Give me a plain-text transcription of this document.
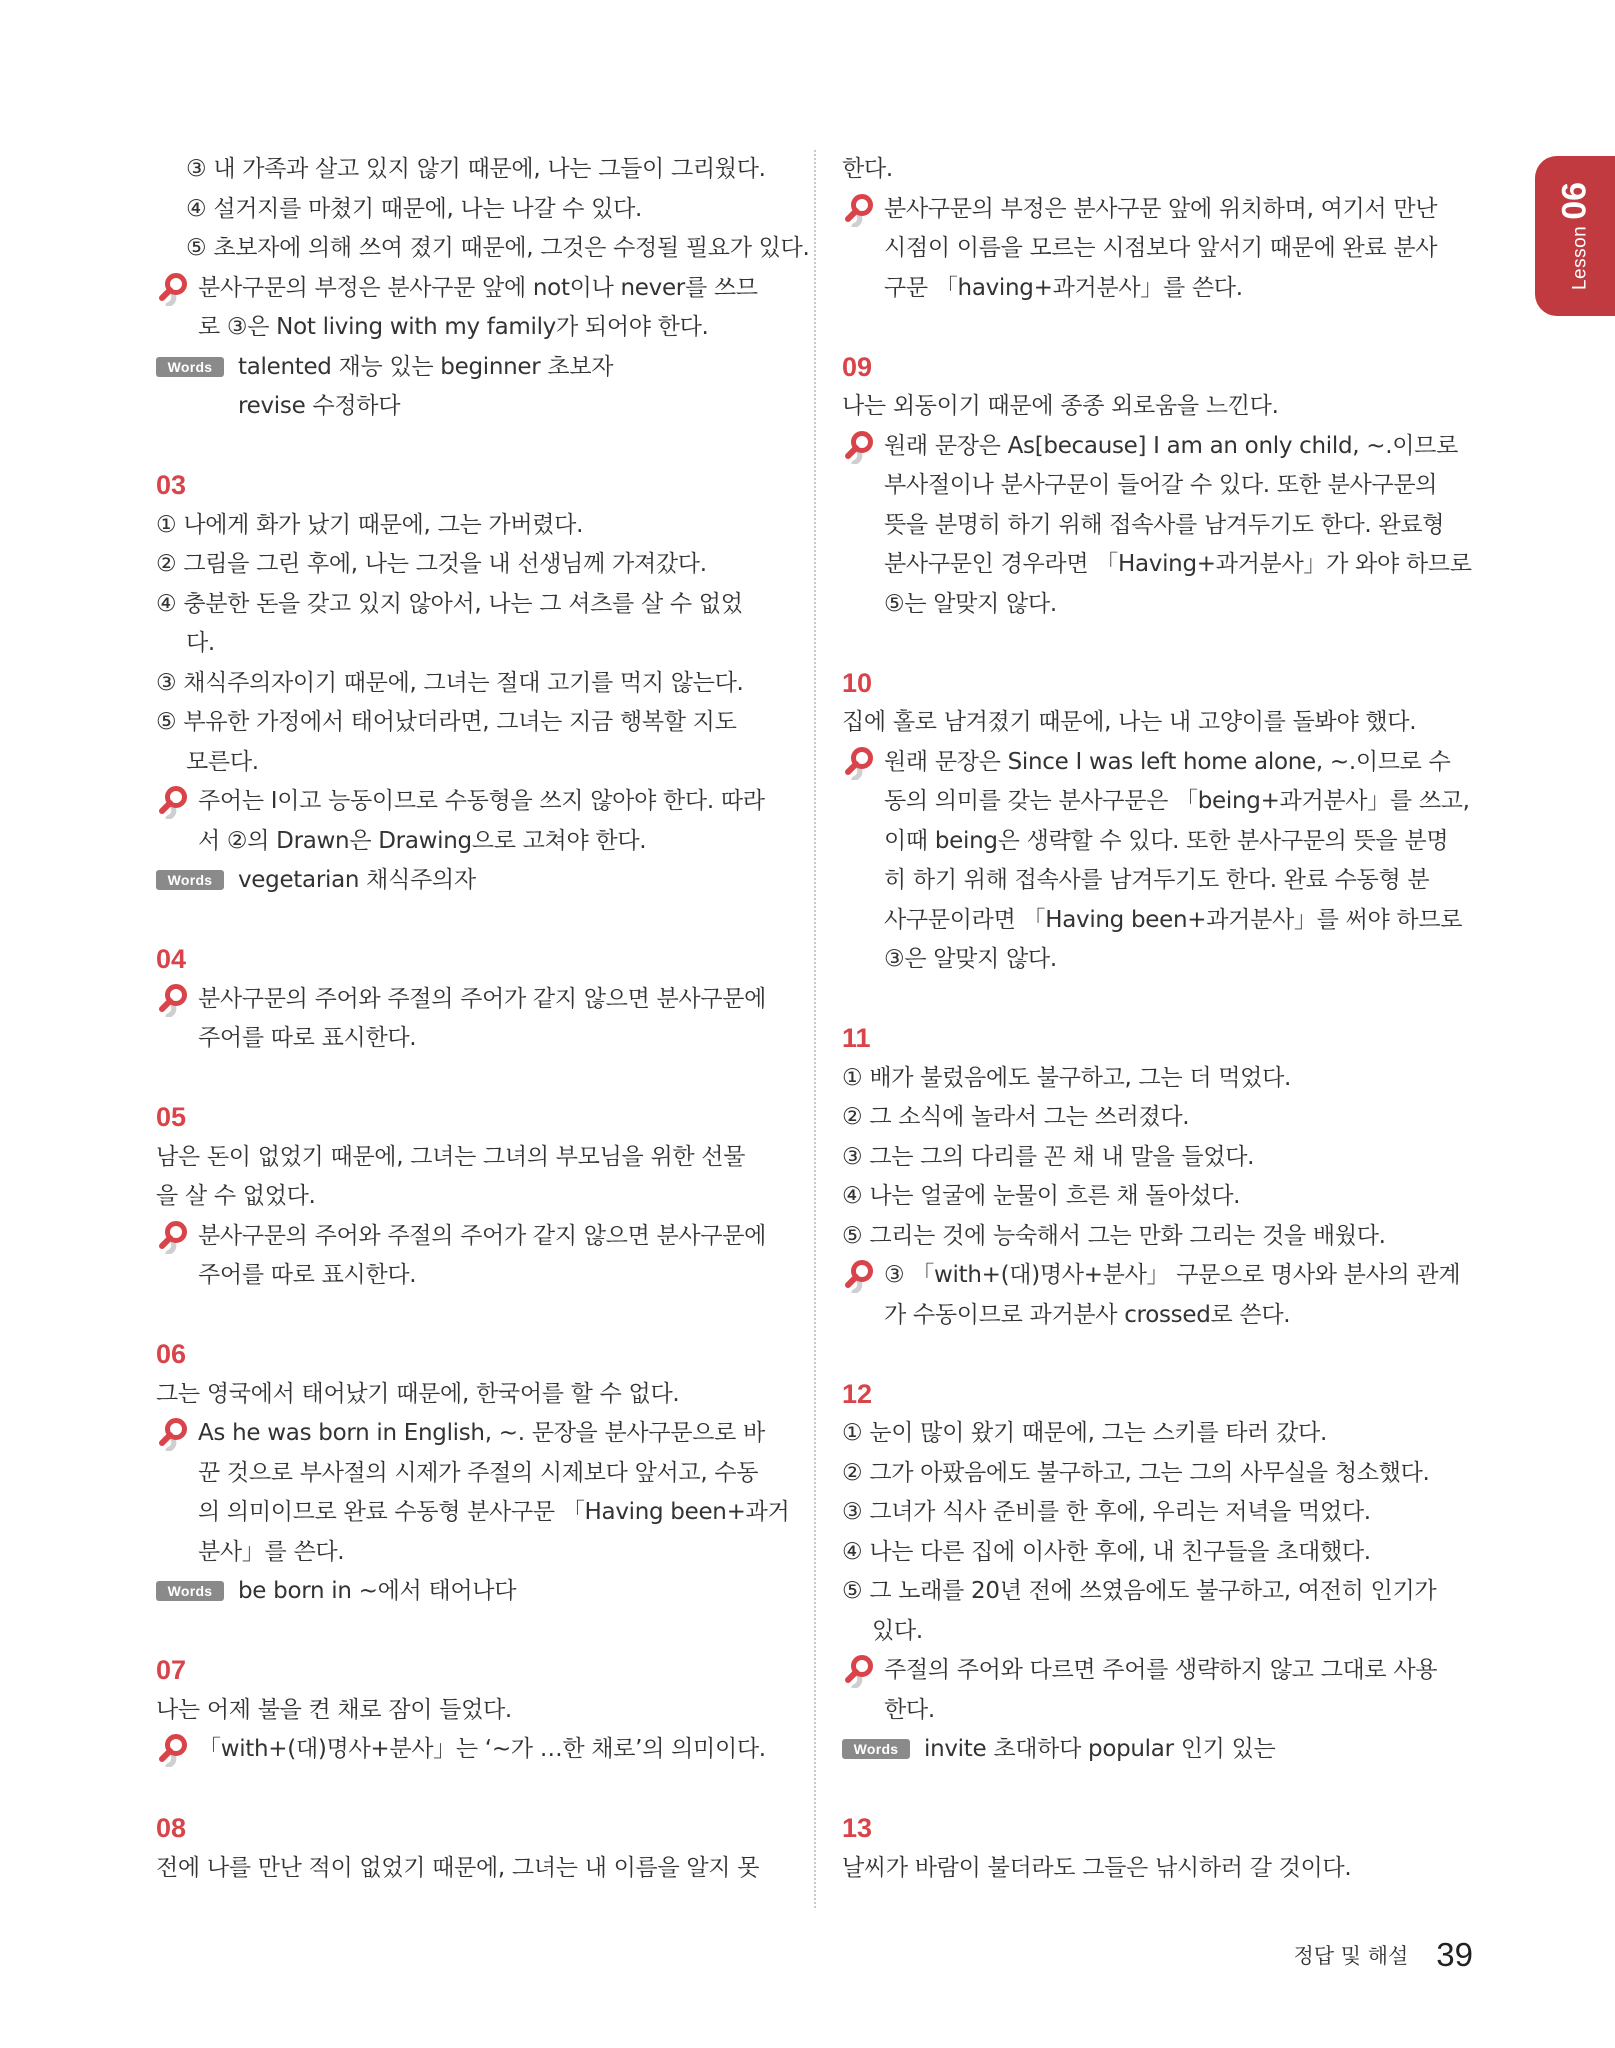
Lesson06
③ 내 가족과 살고 있지 않기 때문에, 나는 그들이 그리웠다.
④ 설거지를 마쳤기 때문에, 나는 나갈 수 있다.
⑤ 초보자에 의해 쓰여 졌기 때문에, 그것은 수정될 필요가 있다.
분사구문의 부정은 분사구문 앞에 not이나 never를 쓰므
로 ③은 Not living with my family가 되어야 한다.
Words	talented 재능 있는 beginner 초보자
revise 수정하다
03
① 나에게 화가 났기 때문에, 그는 가버렸다.
② 그림을 그린 후에, 나는 그것을 내 선생님께 가져갔다.
④ 충분한 돈을 갖고 있지 않아서, 나는 그 셔츠를 살 수 없었
다.
③ 채식주의자이기 때문에, 그녀는 절대 고기를 먹지 않는다.
⑤ 부유한 가정에서 태어났더라면, 그녀는 지금 행복할 지도
모른다.
주어는 I이고 능동이므로 수동형을 쓰지 않아야 한다. 따라
서 ②의 Drawn은 Drawing으로 고쳐야 한다.
Words	vegetarian 채식주의자
04
분사구문의 주어와 주절의 주어가 같지 않으면 분사구문에
주어를 따로 표시한다.
05
남은 돈이 없었기 때문에, 그녀는 그녀의 부모님을 위한 선물
을 살 수 없었다.
분사구문의 주어와 주절의 주어가 같지 않으면 분사구문에
주어를 따로 표시한다.
06
그는 영국에서 태어났기 때문에, 한국어를 할 수 없다.
As he was born in English, ~. 문장을 분사구문으로 바
꾼 것으로 부사절의 시제가 주절의 시제보다 앞서고, 수동
의 의미이므로 완료 수동형 분사구문 「Having been+과거
분사」를 쓴다.
Words	be born in ~에서 태어나다
07
나는 어제 불을 켠 채로 잠이 들었다.
「with+(대)명사+분사」는 ‘~가 …한 채로’의 의미이다.
08
전에 나를 만난 적이 없었기 때문에, 그녀는 내 이름을 알지 못
한다.
분사구문의 부정은 분사구문 앞에 위치하며, 여기서 만난
시점이 이름을 모르는 시점보다 앞서기 때문에 완료 분사
구문 「having+과거분사」를 쓴다.
09
나는 외동이기 때문에 종종 외로움을 느낀다.
원래 문장은 As[because] I am an only child, ~.이므로
부사절이나 분사구문이 들어갈 수 있다. 또한 분사구문의
뜻을 분명히 하기 위해 접속사를 남겨두기도 한다. 완료형
분사구문인 경우라면 「Having+과거분사」가 와야 하므로
⑤는 알맞지 않다.
10
집에 홀로 남겨졌기 때문에, 나는 내 고양이를 돌봐야 했다.
원래 문장은 Since I was left home alone, ~.이므로 수
동의 의미를 갖는 분사구문은 「being+과거분사」를 쓰고,
이때 being은 생략할 수 있다. 또한 분사구문의 뜻을 분명
히 하기 위해 접속사를 남겨두기도 한다. 완료 수동형 분
사구문이라면 「Having been+과거분사」를 써야 하므로
③은 알맞지 않다.
11
① 배가 불렀음에도 불구하고, 그는 더 먹었다.
② 그 소식에 놀라서 그는 쓰러졌다.
③ 그는 그의 다리를 꼰 채 내 말을 들었다.
④ 나는 얼굴에 눈물이 흐른 채 돌아섰다.
⑤ 그리는 것에 능숙해서 그는 만화 그리는 것을 배웠다.
③ 「with+(대)명사+분사」 구문으로 명사와 분사의 관계
가 수동이므로 과거분사 crossed로 쓴다.
12
① 눈이 많이 왔기 때문에, 그는 스키를 타러 갔다.
② 그가 아팠음에도 불구하고, 그는 그의 사무실을 청소했다.
③ 그녀가 식사 준비를 한 후에, 우리는 저녁을 먹었다.
④ 나는 다른 집에 이사한 후에, 내 친구들을 초대했다.
⑤ 그 노래를 20년 전에 쓰였음에도 불구하고, 여전히 인기가
있다.
주절의 주어와 다르면 주어를 생략하지 않고 그대로 사용
한다.
Words	invite 초대하다 popular 인기 있는
13
날씨가 바람이 불더라도 그들은 낚시하러 갈 것이다.
정답 및 해설 39
